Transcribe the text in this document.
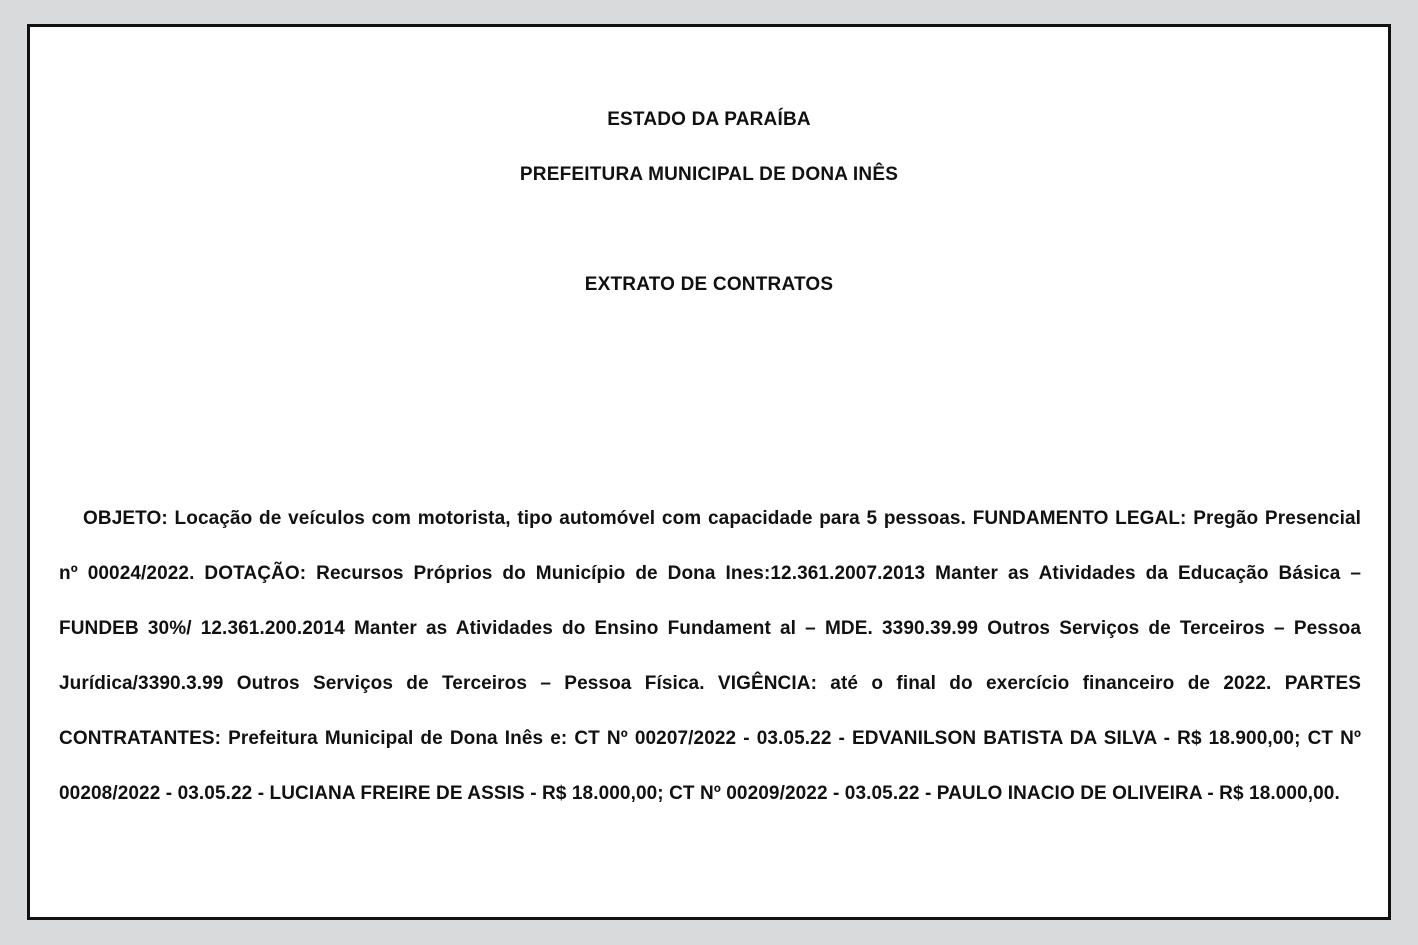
ESTADO DA PARAÍBA
PREFEITURA MUNICIPAL DE DONA INÊS
EXTRATO DE CONTRATOS

OBJETO: Locação de veículos com motorista, tipo automóvel com capacidade para 5 pessoas. FUNDAMENTO LEGAL: Pregão Presencial nº 00024/2022. DOTAÇÃO: Recursos Próprios do Município de Dona Ines:12.361.2007.2013 Manter as Atividades da Educação Básica – FUNDEB 30%/ 12.361.200.2014 Manter as Atividades do Ensino Fundament al – MDE. 3390.39.99 Outros Serviços de Terceiros – Pessoa Jurídica/3390.3.99 Outros Serviços de Terceiros – Pessoa Física. VIGÊNCIA: até o final do exercício financeiro de 2022. PARTES CONTRATANTES: Prefeitura Municipal de Dona Inês e: CT Nº 00207/2022 - 03.05.22 - EDVANILSON BATISTA DA SILVA - R$ 18.900,00; CT Nº 00208/2022 - 03.05.22 - LUCIANA FREIRE DE ASSIS - R$ 18.000,00; CT Nº 00209/2022 - 03.05.22 - PAULO INACIO DE OLIVEIRA - R$ 18.000,00.
